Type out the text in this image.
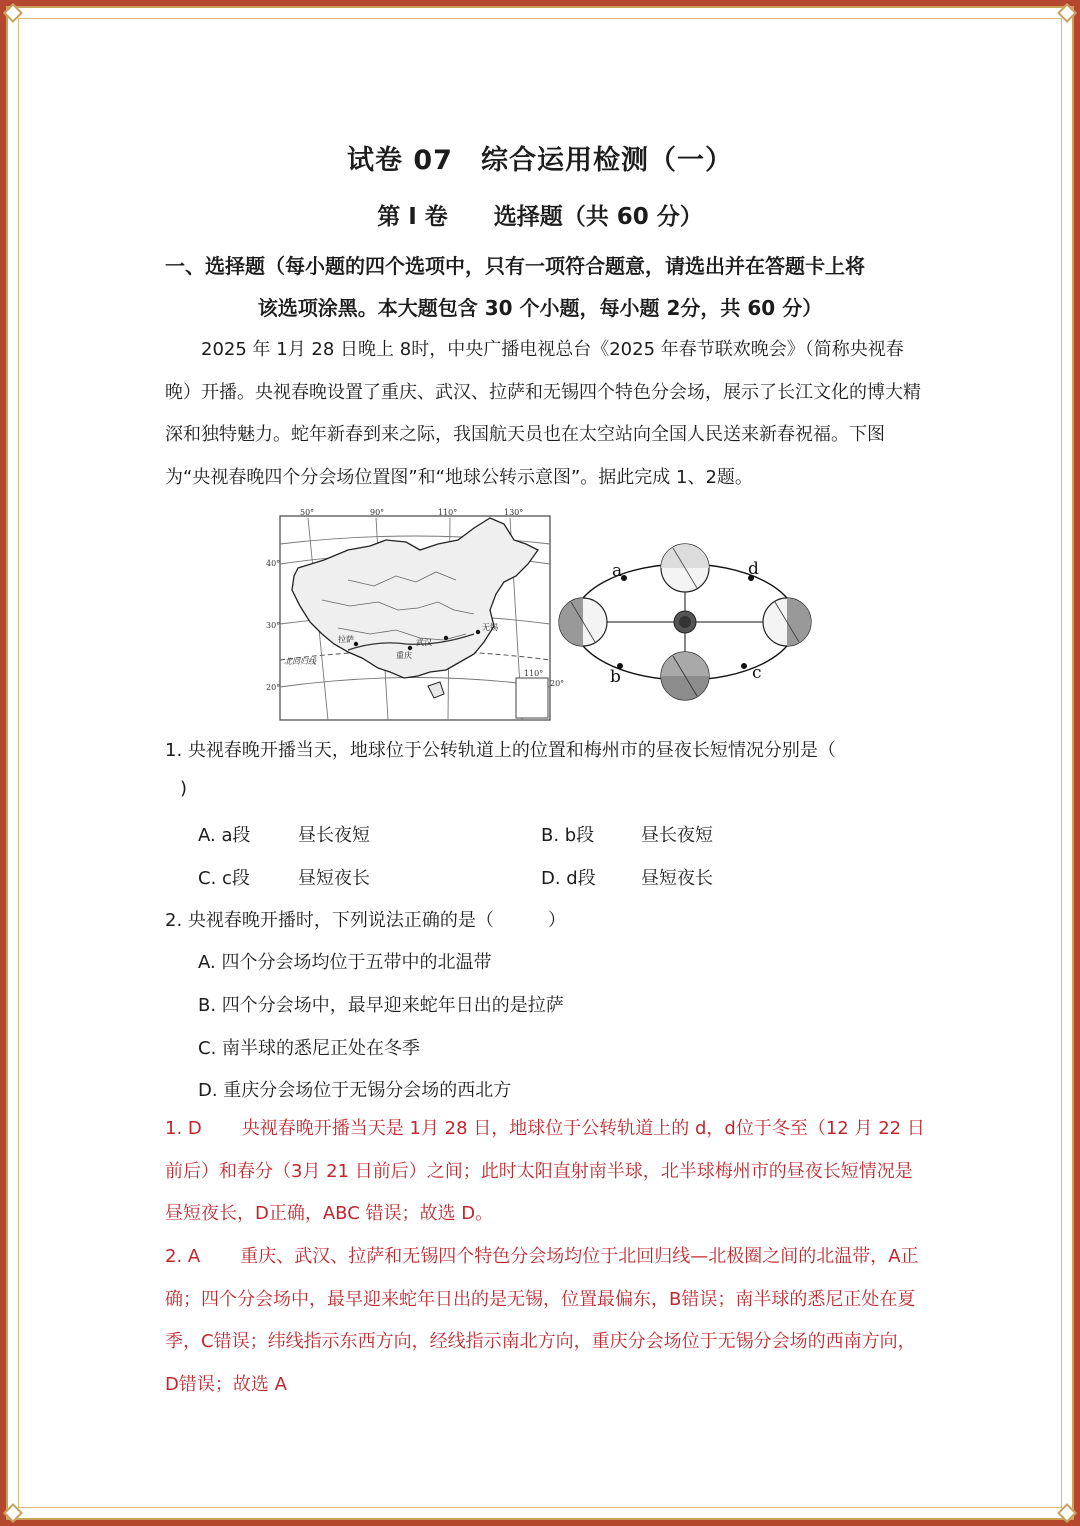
试卷 07　综合运用检测（一）
第 Ⅰ 卷　　选择题（共 60 分）
一、选择题（每小题的四个选项中，只有一项符合题意，请选出并在答题卡上将
该选项涂黑。本大题包含 30 个小题，每小题 2分，共 60 分）
2025 年 1月 28 日晚上 8时，中央广播电视总台《2025 年春节联欢晚会》（简称央视春晚）开播。央视春晚设置了重庆、武汉、拉萨和无锡四个特色分会场，展示了长江文化的博大精深和独特魅力。蛇年新春到来之际，我国航天员也在太空站向全国人民送来新春祝福。下图为“央视春晚四个分会场位置图”和“地球公转示意图”。据此完成 1、2题。
50°	90°	110°	130°
40°
30°
20°
110°
20°
拉萨	武汉
重庆
无锡
北回归线
a	d
b	c
1. 央视春晚开播当天，地球位于公转轨道上的位置和梅州市的昼夜长短情况分别是（
)
A. a段	昼长夜短	B. b段	昼长夜短
C. c段	昼短夜长	D. d段	昼短夜长
2. 央视春晚开播时，下列说法正确的是（　　　）
A. 四个分会场均位于五带中的北温带
B. 四个分会场中，最早迎来蛇年日出的是拉萨
C. 南半球的悉尼正处在冬季
D. 重庆分会场位于无锡分会场的西北方
1. D 央视春晚开播当天是 1月 28 日，地球位于公转轨道上的 d，d位于冬至（12 月 22 日前后）和春分（3月 21 日前后）之间；此时太阳直射南半球，北半球梅州市的昼夜长短情况是昼短夜长，D正确，ABC 错误；故选 D。
2. A 重庆、武汉、拉萨和无锡四个特色分会场均位于北回归线—北极圈之间的北温带，A正确；四个分会场中，最早迎来蛇年日出的是无锡，位置最偏东，B错误；南半球的悉尼正处在夏季，C错误；纬线指示东西方向，经线指示南北方向，重庆分会场位于无锡分会场的西南方向，D错误；故选 A
